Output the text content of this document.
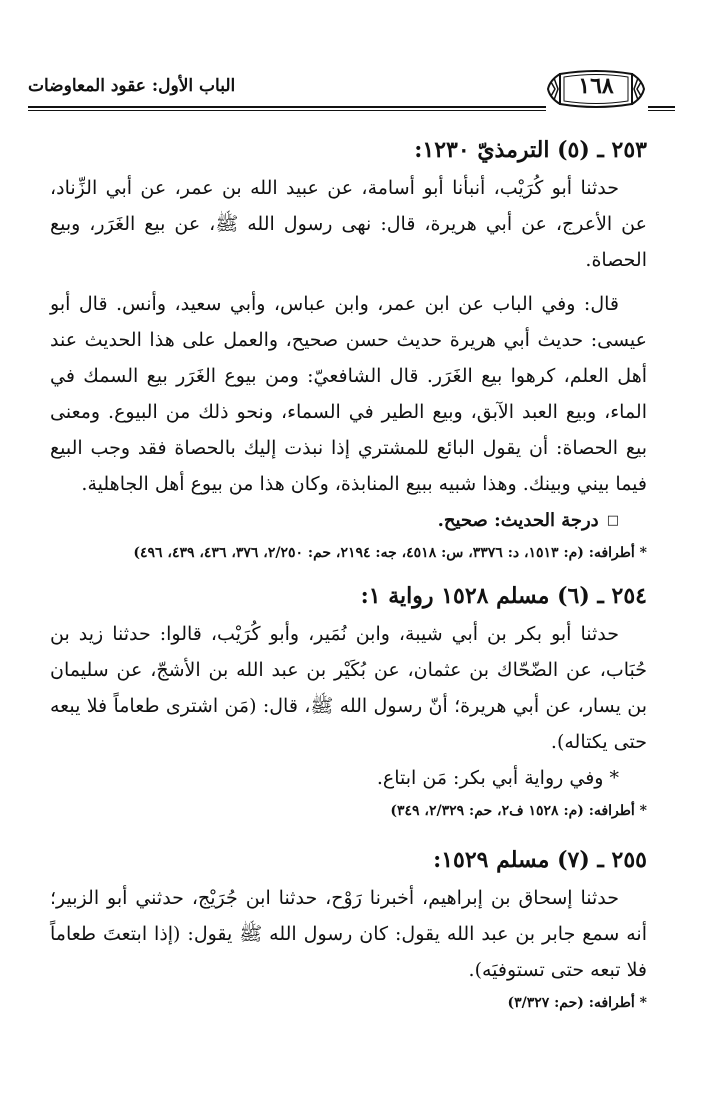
الباب الأول: عقود المعاوضات	١٦٨
٢٥٣ ـ (٥) الترمذيّ ١٢٣٠:

حدثنا أبو كُرَيْب، أنبأنا أبو أسامة، عن عبيد الله بن عمر، عن أبي الزِّناد، عن الأعرج، عن أبي هريرة، قال: نهى رسول الله ﷺ، عن بيع الغَرَر، وبيع الحصاة.

قال: وفي الباب عن ابن عمر، وابن عباس، وأبي سعيد، وأنس. قال أبو عيسى: حديث أبي هريرة حديث حسن صحيح، والعمل على هذا الحديث عند أهل العلم، كرهوا بيع الغَرَر. قال الشافعيّ: ومن بيوع الغَرَر بيع السمك في الماء، وبيع العبد الآبق، وبيع الطير في السماء، ونحو ذلك من البيوع. ومعنى بيع الحصاة: أن يقول البائع للمشتري إذا نبذت إليك بالحصاة فقد وجب البيع فيما بيني وبينك. وهذا شبيه ببيع المنابذة، وكان هذا من بيوع أهل الجاهلية.

□درجة الحديث: صحيح.
* أطرافه: (م: ١٥١٣، د: ٣٣٧٦، س: ٤٥١٨، جه: ٢١٩٤، حم: ٢/٢٥٠، ٣٧٦، ٤٣٦، ٤٣٩، ٤٩٦)
٢٥٤ ـ (٦) مسلم ١٥٢٨ رواية ١:

حدثنا أبو بكر بن أبي شيبة، وابن نُمَير، وأبو كُرَيْب، قالوا: حدثنا زيد بن حُبَاب، عن الضّحّاك بن عثمان، عن بُكَيْر بن عبد الله بن الأشجّ، عن سليمان بن يسار، عن أبي هريرة؛ أنّ رسول الله ﷺ، قال: (مَن اشترى طعاماً فلا يبعه حتى يكتاله).

* وفي رواية أبي بكر: مَن ابتاع.
* أطرافه: (م: ١٥٢٨ ف٢، حم: ٢/٣٢٩، ٣٤٩)
٢٥٥ ـ (٧) مسلم ١٥٢٩:

حدثنا إسحاق بن إبراهيم، أخبرنا رَوْح، حدثنا ابن جُرَيْج، حدثني أبو الزبير؛ أنه سمع جابر بن عبد الله يقول: كان رسول الله ﷺ يقول: (إذا ابتعتَ طعاماً فلا تبعه حتى تستوفيَه).

* أطرافه: (حم: ٣/٣٢٧)
